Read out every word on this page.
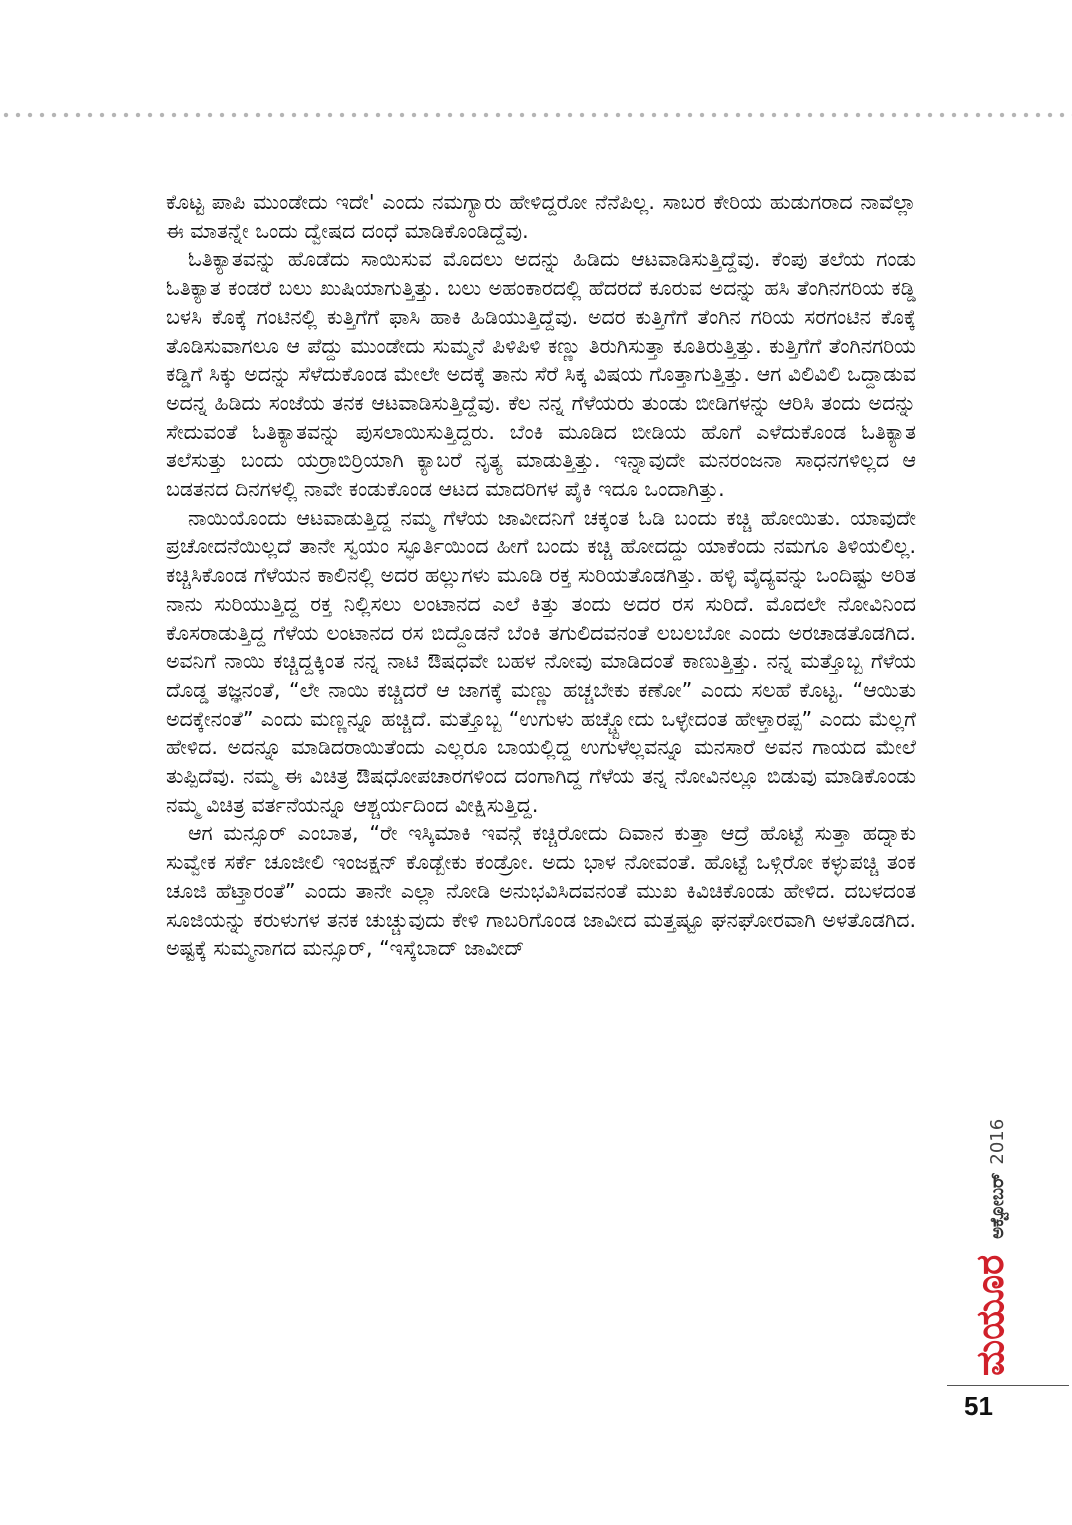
ಕೊಟ್ಟ ಪಾಪಿ ಮುಂಡೇದು ಇದೇ' ಎಂದು ನಮಗ್ಯಾರು ಹೇಳಿದ್ದರೋ ನೆನೆಪಿಲ್ಲ. ಸಾಬರ ಕೇರಿಯ ಹುಡುಗರಾದ ನಾವೆಲ್ಲಾ ಈ ಮಾತನ್ನೇ ಒಂದು ದ್ವೇಷದ ದಂಧೆ ಮಾಡಿಕೊಂಡಿದ್ದೆವು.

ಓತಿಕ್ಯಾತವನ್ನು ಹೊಡೆದು ಸಾಯಿಸುವ ಮೊದಲು ಅದನ್ನು ಹಿಡಿದು ಆಟವಾಡಿಸುತ್ತಿದ್ದೆವು. ಕೆಂಪು ತಲೆಯ ಗಂಡು ಓತಿಕ್ಯಾತ ಕಂಡರೆ ಬಲು ಖುಷಿಯಾಗುತ್ತಿತ್ತು. ಬಲು ಅಹಂಕಾರದಲ್ಲಿ ಹೆದರದೆ ಕೂರುವ ಅದನ್ನು ಹಸಿ ತೆಂಗಿನಗರಿಯ ಕಡ್ಡಿ ಬಳಸಿ ಕೊಕ್ಕೆ ಗಂಟಿನಲ್ಲಿ ಕುತ್ತಿಗೆಗೆ ಫಾಸಿ ಹಾಕಿ ಹಿಡಿಯುತ್ತಿದ್ದೆವು. ಅದರ ಕುತ್ತಿಗೆಗೆ ತೆಂಗಿನ ಗರಿಯ ಸರಗಂಟಿನ ಕೊಕ್ಕೆ ತೊಡಿಸುವಾಗಲೂ ಆ ಪೆದ್ದು ಮುಂಡೇದು ಸುಮ್ಮನೆ ಪಿಳಿಪಿಳಿ ಕಣ್ಣು ತಿರುಗಿಸುತ್ತಾ ಕೂತಿರುತ್ತಿತ್ತು. ಕುತ್ತಿಗೆಗೆ ತೆಂಗಿನಗರಿಯ ಕಡ್ಡಿಗೆ ಸಿಕ್ಕು ಅದನ್ನು ಸೆಳೆದುಕೊಂಡ ಮೇಲೇ ಅದಕ್ಕೆ ತಾನು ಸೆರೆ ಸಿಕ್ಕ ವಿಷಯ ಗೊತ್ತಾಗುತ್ತಿತ್ತು. ಆಗ ವಿಲಿವಿಲಿ ಒದ್ದಾಡುವ ಅದನ್ನ ಹಿಡಿದು ಸಂಜೆಯ ತನಕ ಆಟವಾಡಿಸುತ್ತಿದ್ದೆವು. ಕೆಲ ನನ್ನ ಗೆಳೆಯರು ತುಂಡು ಬೀಡಿಗಳನ್ನು ಆರಿಸಿ ತಂದು ಅದನ್ನು ಸೇದುವಂತೆ ಓತಿಕ್ಯಾತವನ್ನು ಪುಸಲಾಯಿಸುತ್ತಿದ್ದರು. ಬೆಂಕಿ ಮೂಡಿದ ಬೀಡಿಯ ಹೊಗೆ ಎಳೆದುಕೊಂಡ ಓತಿಕ್ಯಾತ ತಲೆಸುತ್ತು ಬಂದು ಯರ್‍ರಾಬಿರ್‍ರಿಯಾಗಿ ಕ್ಯಾಬರೆ ನೃತ್ಯ ಮಾಡುತ್ತಿತ್ತು. ಇನ್ನಾವುದೇ ಮನರಂಜನಾ ಸಾಧನಗಳಿಲ್ಲದ ಆ ಬಡತನದ ದಿನಗಳಲ್ಲಿ ನಾವೇ ಕಂಡುಕೊಂಡ ಆಟದ ಮಾದರಿಗಳ ಪೈಕಿ ಇದೂ ಒಂದಾಗಿತ್ತು.

ನಾಯಿಯೊಂದು ಆಟವಾಡುತ್ತಿದ್ದ ನಮ್ಮ ಗೆಳೆಯ ಜಾವೀದನಿಗೆ ಚಕ್ಕಂತ ಓಡಿ ಬಂದು ಕಚ್ಚಿ ಹೋಯಿತು. ಯಾವುದೇ ಪ್ರಚೋದನೆಯಿಲ್ಲದೆ ತಾನೇ ಸ್ವಯಂ ಸ್ಫೂರ್ತಿಯಿಂದ ಹೀಗೆ ಬಂದು ಕಚ್ಚಿ ಹೋದದ್ದು ಯಾಕೆಂದು ನಮಗೂ ತಿಳಿಯಲಿಲ್ಲ. ಕಚ್ಚಿಸಿಕೊಂಡ ಗೆಳೆಯನ ಕಾಲಿನಲ್ಲಿ ಅದರ ಹಲ್ಲುಗಳು ಮೂಡಿ ರಕ್ತ ಸುರಿಯತೊಡಗಿತ್ತು. ಹಳ್ಳಿ ವೈದ್ಯವನ್ನು ಒಂದಿಷ್ಟು ಅರಿತ ನಾನು ಸುರಿಯುತ್ತಿದ್ದ ರಕ್ತ ನಿಲ್ಲಿಸಲು ಲಂಟಾನದ ಎಲೆ ಕಿತ್ತು ತಂದು ಅದರ ರಸ ಸುರಿದೆ. ಮೊದಲೇ ನೋವಿನಿಂದ ಕೊಸರಾಡುತ್ತಿದ್ದ ಗೆಳೆಯ ಲಂಟಾನದ ರಸ ಬಿದ್ದೊಡನೆ ಬೆಂಕಿ ತಗುಲಿದವನಂತೆ ಲಬಲಬೋ ಎಂದು ಅರಚಾಡತೊಡಗಿದ. ಅವನಿಗೆ ನಾಯಿ ಕಚ್ಚಿದ್ದಕ್ಕಿಂತ ನನ್ನ ನಾಟಿ ಔಷಧವೇ ಬಹಳ ನೋವು ಮಾಡಿದಂತೆ ಕಾಣುತ್ತಿತ್ತು. ನನ್ನ ಮತ್ತೊಬ್ಬ ಗೆಳೆಯ ದೊಡ್ಡ ತಜ್ಞನಂತೆ, “ಲೇ ನಾಯಿ ಕಚ್ಚಿದರೆ ಆ ಜಾಗಕ್ಕೆ ಮಣ್ಣು ಹಚ್ಚಬೇಕು ಕಣೋ” ಎಂದು ಸಲಹೆ ಕೊಟ್ಟ. “ಆಯಿತು ಅದಕ್ಕೇನಂತೆ” ಎಂದು ಮಣ್ಣನ್ನೂ ಹಚ್ಚಿದೆ. ಮತ್ತೊಬ್ಬ “ಉಗುಳು ಹಚ್ಚ್ಬೋದು ಒಳ್ಳೇದಂತ ಹೇಳ್ತಾರಪ್ಪ” ಎಂದು ಮೆಲ್ಲಗೆ ಹೇಳಿದ. ಅದನ್ನೂ ಮಾಡಿದರಾಯಿತೆಂದು ಎಲ್ಲರೂ ಬಾಯಲ್ಲಿದ್ದ ಉಗುಳೆಲ್ಲವನ್ನೂ ಮನಸಾರೆ ಅವನ ಗಾಯದ ಮೇಲೆ ತುಪ್ಪಿದೆವು. ನಮ್ಮ ಈ ವಿಚಿತ್ರ ಔಷಧೋಪಚಾರಗಳಿಂದ ದಂಗಾಗಿದ್ದ ಗೆಳೆಯ ತನ್ನ ನೋವಿನಲ್ಲೂ ಬಿಡುವು ಮಾಡಿಕೊಂಡು ನಮ್ಮ ವಿಚಿತ್ರ ವರ್ತನೆಯನ್ನೂ ಆಶ್ಚರ್ಯದಿಂದ ವೀಕ್ಷಿಸುತ್ತಿದ್ದ.

ಆಗ ಮನ್ಸೂರ್ ಎಂಬಾತ, “ರೇ ಇಸ್ಕಿಮಾಕಿ ಇವನ್ಗೆ ಕಚ್ಚಿರೋದು ದಿವಾನ ಕುತ್ತಾ ಆದ್ರೆ ಹೊಟ್ಟೆ ಸುತ್ತಾ ಹದ್ನಾಕು ಸುವ್ವೇಕ ಸರ್ಕೆ ಚೂಜೀಲಿ ಇಂಜಕ್ಷನ್ ಕೊಡ್ಬೇಕು ಕಂಡ್ರೋ. ಅದು ಭಾಳ ನೋವಂತೆ. ಹೊಟ್ಟೆ ಒಳ್ಗಿರೋ ಕಳ್ಳುಪಚ್ಚಿ ತಂಕ ಚೂಜಿ ಹೆಟ್ತಾರಂತೆ” ಎಂದು ತಾನೇ ಎಲ್ಲಾ ನೋಡಿ ಅನುಭವಿಸಿದವನಂತೆ ಮುಖ ಕಿವಿಚಿಕೊಂಡು ಹೇಳಿದ. ದಬಳದಂತ ಸೂಜಿಯನ್ನು ಕರುಳುಗಳ ತನಕ ಚುಚ್ಚುವುದು ಕೇಳಿ ಗಾಬರಿಗೊಂಡ ಜಾವೀದ ಮತ್ತಷ್ಟೂ ಘನಘೋರವಾಗಿ ಅಳತೊಡಗಿದ. ಅಷ್ಟಕ್ಕೆ ಸುಮ್ಮನಾಗದ ಮನ್ಸೂರ್, “ಇಸ್ಕೆಬಾದ್ ಜಾವೀದ್

ಮಯೂರ
ಅಕ್ಟೋಬರ್
2016
51
